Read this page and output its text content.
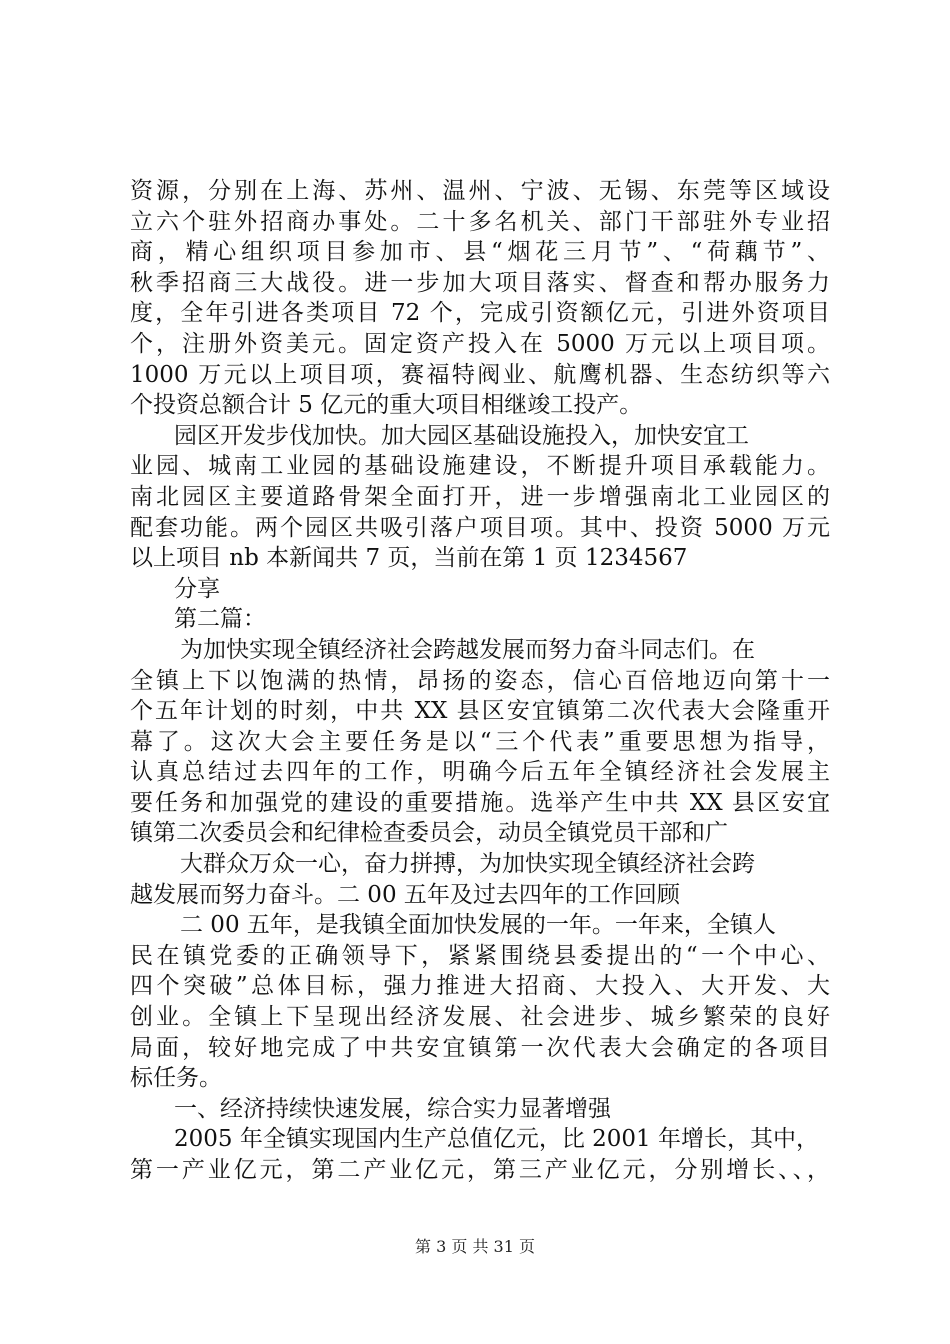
资源，分别在上海、苏州、温州、宁波、无锡、东莞等区域设
立六个驻外招商办事处。二十多名机关、部门干部驻外专业招
商，精心组织项目参加市、县“烟花三月节”、“荷藕节”、
秋季招商三大战役。进一步加大项目落实、督查和帮办服务力
度，全年引进各类项目 72 个，完成引资额亿元，引进外资项目
个，注册外资美元。固定资产投入在 5000 万元以上项目项。
1000 万元以上项目项，赛福特阀业、航鹰机器、生态纺织等六
个投资总额合计 5 亿元的重大项目相继竣工投产。
园区开发步伐加快。加大园区基础设施投入，加快安宜工
业园、城南工业园的基础设施建设，不断提升项目承载能力。
南北园区主要道路骨架全面打开，进一步增强南北工业园区的
配套功能。两个园区共吸引落户项目项。其中、投资 5000 万元
以上项目 nb 本新闻共 7 页，当前在第 1 页 1234567
分享
第二篇：
为加快实现全镇经济社会跨越发展而努力奋斗同志们。在
全镇上下以饱满的热情，昂扬的姿态，信心百倍地迈向第十一
个五年计划的时刻，中共 XX 县区安宜镇第二次代表大会隆重开
幕了。这次大会主要任务是以“三个代表”重要思想为指导，
认真总结过去四年的工作，明确今后五年全镇经济社会发展主
要任务和加强党的建设的重要措施。选举产生中共 XX 县区安宜
镇第二次委员会和纪律检查委员会，动员全镇党员干部和广
大群众万众一心，奋力拼搏，为加快实现全镇经济社会跨
越发展而努力奋斗。二 00 五年及过去四年的工作回顾
二 00 五年，是我镇全面加快发展的一年。一年来，全镇人
民在镇党委的正确领导下，紧紧围绕县委提出的“一个中心、
四个突破”总体目标，强力推进大招商、大投入、大开发、大
创业。全镇上下呈现出经济发展、社会进步、城乡繁荣的良好
局面，较好地完成了中共安宜镇第一次代表大会确定的各项目
标任务。
一、经济持续快速发展，综合实力显著增强
2005 年全镇实现国内生产总值亿元，比 2001 年增长，其中，
第一产业亿元，第二产业亿元，第三产业亿元，分别增长、、，
第 3 页 共 31 页
